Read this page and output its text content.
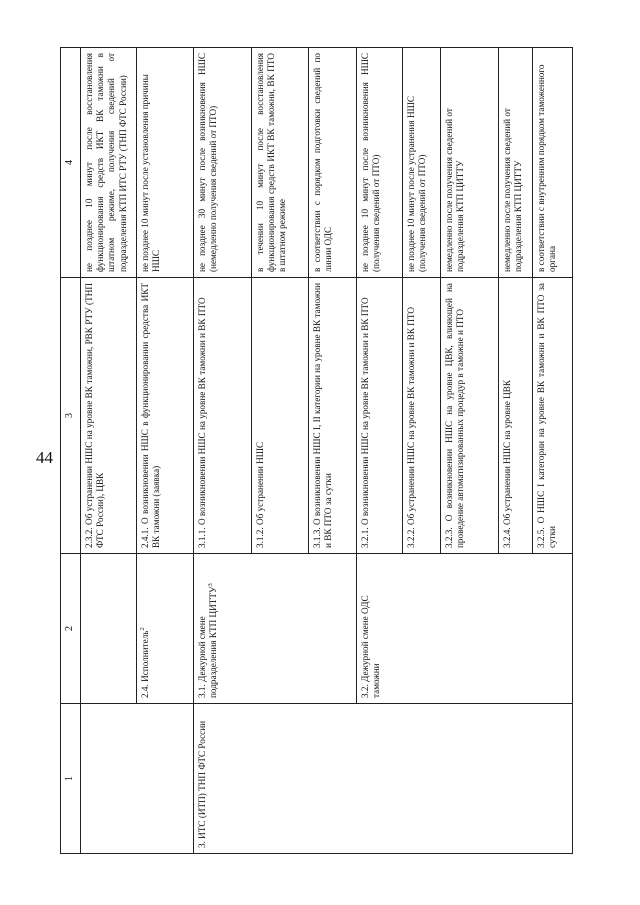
44
1	2	3	4
		2.3.2. Об устранении НШС на уровне ВК таможни, РВК РТУ (ТНП ФТС России), ЦВК	не позднее 10 минут после восстановления функционирования средств ИКТ ВК таможни в штатном режиме, получения сведений от подразделения КТП ИТС РТУ (ТНП ФТС России)
	2.4. Исполнитель$^2$	2.4.1. О возникновении НШС в функционировании средства ИКТ ВК таможни (заявка)	не позднее 10 минут после установления причины НШС
3. ИТС (ИТП) ТНП ФТС России	3.1. Дежурной смене подразделения КТП ЦИТТУ$^3$	3.1.1. О возникновении НШС на уровне ВК таможни и ВК ПТО	не позднее 30 минут после возникновения НШС (немедленно получения сведений от ПТО)
		3.1.2. Об устранении НШС	в течении 10 минут после восстановления функционирования средств ИКТ ВК таможни, ВК ПТО в штатном режиме
		3.1.3. О возникновении НШС I, II категории на уровне ВК таможни и ВК ПТО за сутки	в соответствии с порядком подготовки сведений по линии ОДС
	3.2. Дежурной смене ОДС таможни	3.2.1. О возникновении НШС на уровне ВК таможни и ВК ПТО	не позднее 10 минут после возникновения НШС (получения сведений от ПТО)
		3.2.2. Об устранении НШС на уровне ВК таможни и ВК ПТО	не позднее 10 минут после устранения НШС (получения сведений от ПТО)
		3.2.3. О возникновении НШС на уровне ЦВК, влияющей на проведение автоматизированных процедур в таможне и ПТО	немедленно после получения сведений от подразделения КТП ЦИТТУ
		3.2.4. Об устранении НШС на уровне ЦВК	немедленно после получения сведений от подразделения КТП ЦИТТУ
		3.2.5. О НШС I категории на уровне ВК таможни и ВК ПТО за сутки	в соответствии с внутренним порядком таможенного органа
